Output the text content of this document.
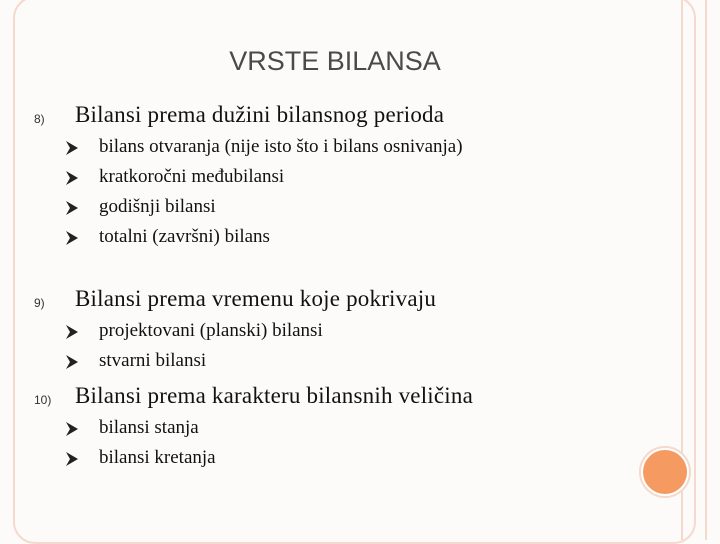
VRSTE BILANSA
8) Bilansi prema dužini bilansnog perioda
bilans otvaranja (nije isto što i bilans osnivanja)
kratkoročni međubilansi
godišnji bilansi
totalni (završni) bilans
9) Bilansi prema vremenu koje pokrivaju
projektovani (planski) bilansi
stvarni bilansi
10) Bilansi prema karakteru bilansnih veličina
bilansi stanja
bilansi kretanja
